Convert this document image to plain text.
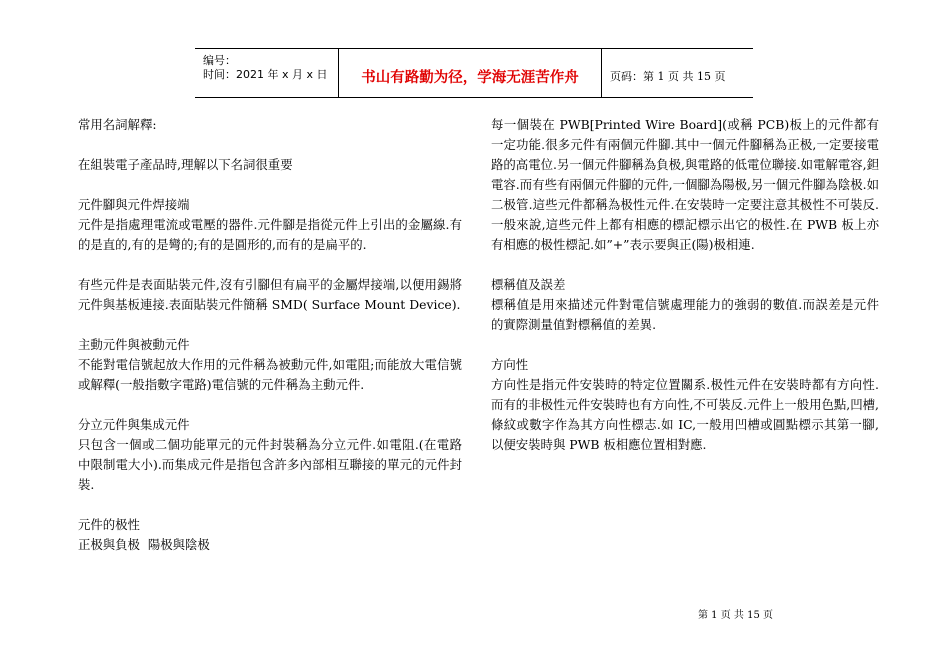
编号：
时间：2021 年 x 月 x 日	书山有路勤为径，学海无涯苦作舟	页码：第 1 页 共 15 页

常用名詞解釋:

在組裝電子產品時,理解以下名詞很重要

元件腳與元件焊接端

元件是指處理電流或電壓的器件.元件腳是指從元件上引出的金屬線.有的是直的,有的是彎的;有的是圓形的,而有的是扁平的.

有些元件是表面貼裝元件,沒有引腳但有扁平的金屬焊接端,以便用錫將元件與基板連接.表面貼裝元件簡稱 SMD( Surface Mount Device).

主動元件與被動元件

不能對電信號起放大作用的元件稱為被動元件,如電阻;而能放大電信號或解釋(一般指數字電路)電信號的元件稱為主動元件.

分立元件與集成元件

只包含一個或二個功能單元的元件封裝稱為分立元件.如電阻.(在電路中限制電大小).而集成元件是指包含許多內部相互聯接的單元的元件封裝.

元件的极性

正极與負极  陽极與陰极

每一個裝在 PWB[Printed Wire Board](或稱 PCB)板上的元件都有一定功能.很多元件有兩個元件腳.其中一個元件腳稱為正极,一定要接電路的高電位.另一個元件腳稱為負极,與電路的低電位聯接.如電解電容,鉭電容.而有些有兩個元件腳的元件,一個腳為陽极,另一個元件腳為陰极.如二极管.這些元件都稱為极性元件.在安裝時一定要注意其极性不可裝反.一般來說,這些元件上都有相應的標記標示出它的极性.在 PWB 板上亦有相應的极性標記.如”+”表示要與正(陽)极相連.

標稱值及誤差

標稱值是用來描述元件對電信號處理能力的強弱的數值.而誤差是元件的實際測量值對標稱值的差異.

方向性

方向性是指元件安裝時的特定位置關系.极性元件在安裝時都有方向性.而有的非极性元件安裝時也有方向性,不可裝反.元件上一般用色點,凹槽,條紋或數字作為其方向性標志.如 IC,一般用凹槽或圓點標示其第一腳,以便安裝時與 PWB 板相應位置相對應.

第 1 页 共 15 页
